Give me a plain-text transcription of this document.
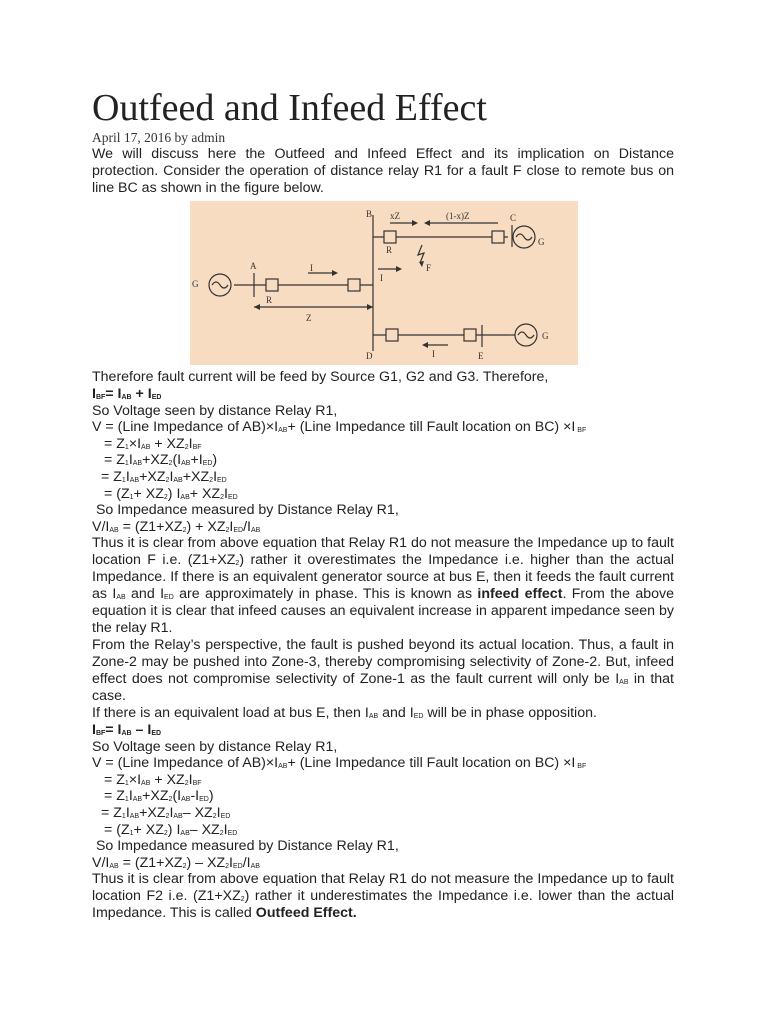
Outfeed and Infeed Effect
April 17, 2016 by admin

We will discuss here the Outfeed and Infeed Effect and its implication on Distance protection. Consider the operation of distance relay R1 for a fault F close to remote bus on line BC as shown in the figure below.

B	C
A
D	E
F
G
G
G
R
R
xZ	(1-x)Z
Z
I
I
I

Therefore fault current will be feed by Source G1, G2 and G3. Therefore,

$I_{BF}= I_{AB} + I_{ED}$
So Voltage seen by distance Relay R1,
V = (Line Impedance of $AB)\times I_{AB}+$ (Line Impedance till Fault location on BC) ×I $_{BF}$
= $Z_1\times I_{AB} + XZ_2I_{BF}$
= $Z_1I_{AB}+XZ_2(I_{AB}+I_{ED})$
= $Z_1I_{AB}+XZ_2I_{AB}+XZ_2I_{ED}$
= $(Z_1+ XZ_2)$ $I_{AB}+ XZ_2I_{ED}$
So Impedance measured by Distance Relay R1,
$V/I_{AB} = (Z1+XZ_2) + XZ_2I_{ED}/I_{AB}$

Thus it is clear from above equation that Relay R1 do not measure the Impedance up to fault location F i.e. $(Z1+XZ_2)$ rather it overestimates the Impedance i.e. higher than the actual Impedance. If there is an equivalent generator source at bus E, then it feeds the fault current as $I_{AB}$ and $I_{ED}$ are approximately in phase. This is known as infeed effect. From the above equation it is clear that infeed causes an equivalent increase in apparent impedance seen by the relay R1.

From the Relay’s perspective, the fault is pushed beyond its actual location. Thus, a fault in Zone-2 may be pushed into Zone-3, thereby compromising selectivity of Zone-2. But, infeed effect does not compromise selectivity of Zone-1 as the fault current will only be $I_{AB}$ in that case.

If there is an equivalent load at bus E, then $I_{AB}$ and $I_{ED}$ will be in phase opposition.
$I_{BF}= I_{AB} - I_{ED}$
So Voltage seen by distance Relay R1,
V = (Line Impedance of $AB)\times I_{AB}+$ (Line Impedance till Fault location on BC) ×I $_{BF}$
= $Z_1\times I_{AB} + XZ_2I_{BF}$
= $Z_1I_{AB}+XZ_2(I_{AB}-I_{ED})$
= $Z_1I_{AB}+XZ_2I_{AB}-$ $XZ_2I_{ED}$
= $(Z_1+ XZ_2)$ $I_{AB}-$ $XZ_2I_{ED}$
So Impedance measured by Distance Relay R1,
$V/I_{AB} = (Z1+XZ_2) - XZ_2I_{ED}/I_{AB}$

Thus it is clear from above equation that Relay R1 do not measure the Impedance up to fault location F2 i.e. $(Z1+XZ_2)$ rather it underestimates the Impedance i.e. lower than the actual Impedance. This is called Outfeed Effect.
